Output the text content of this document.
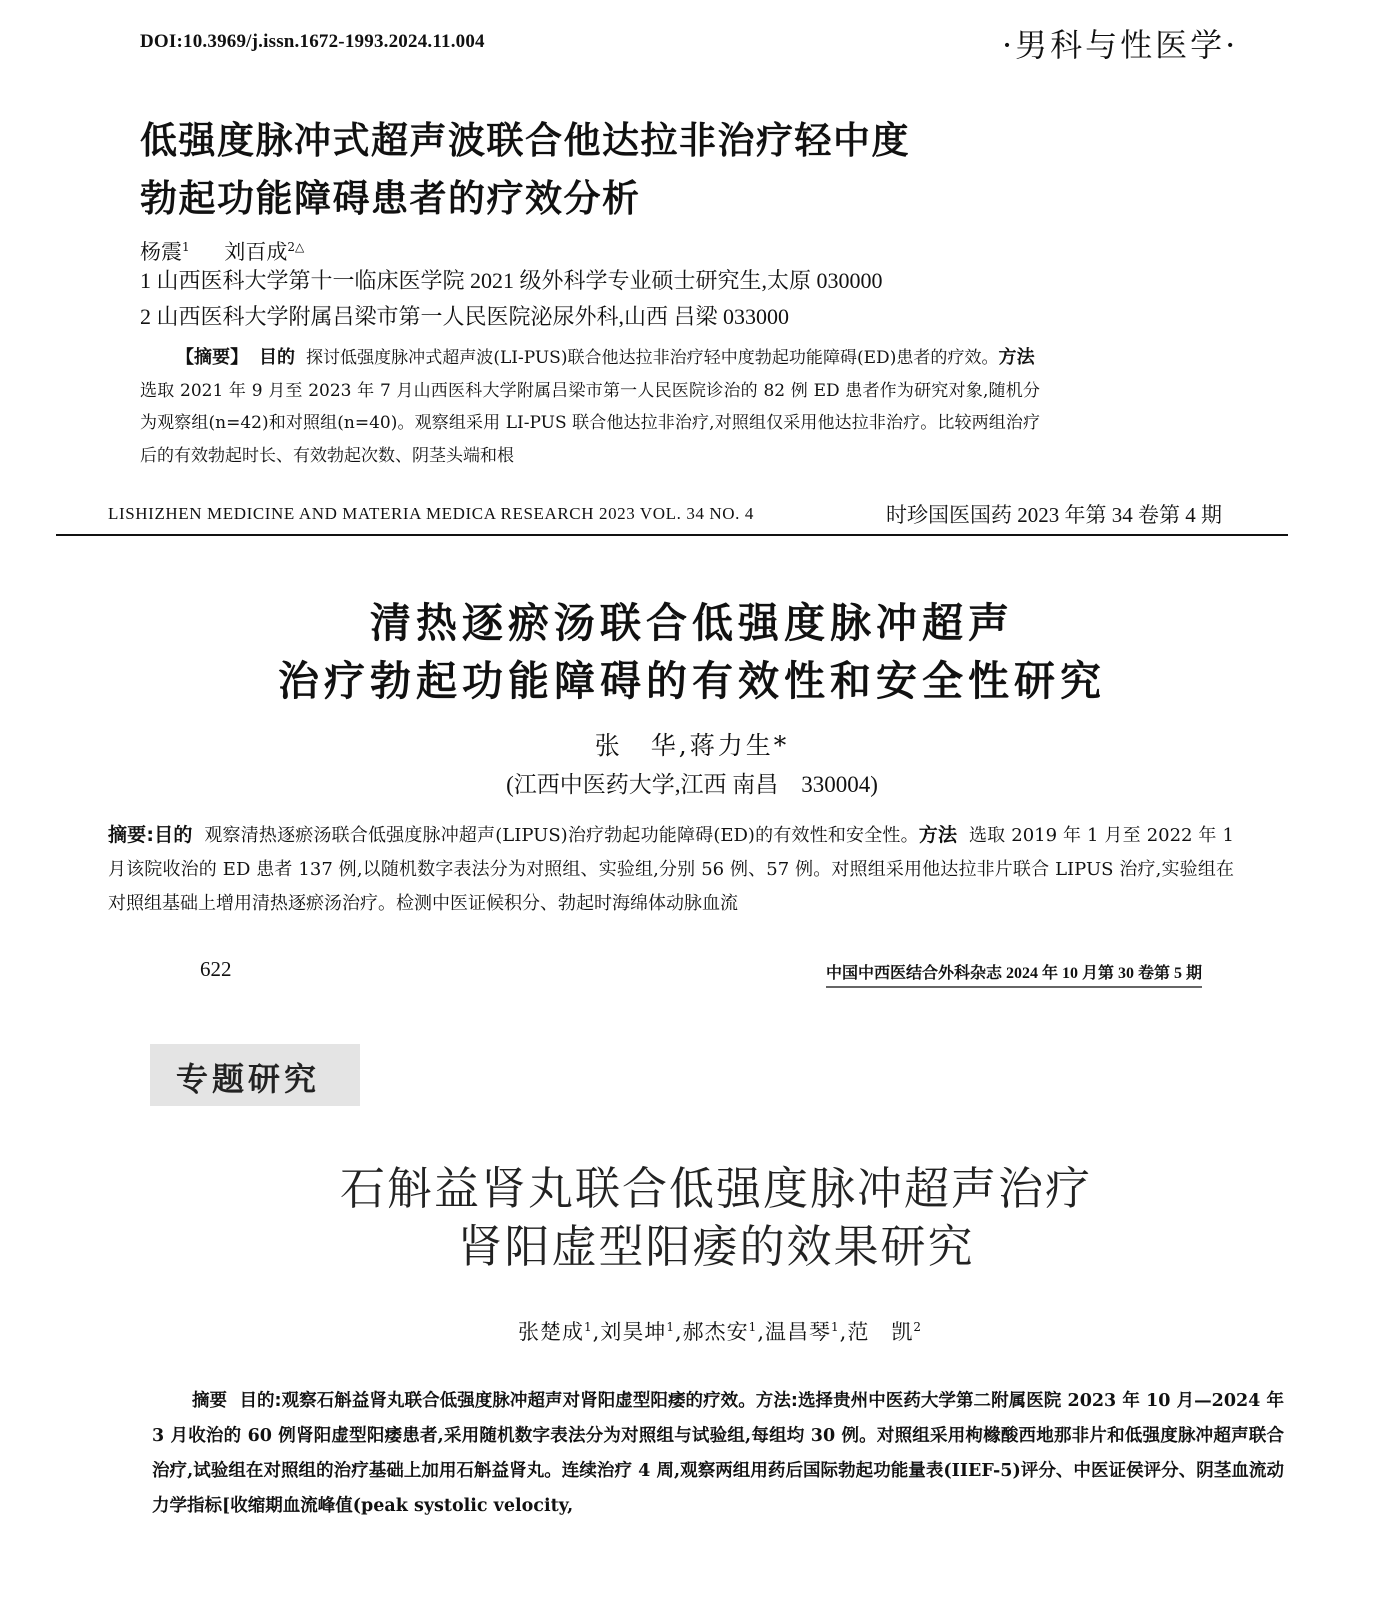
DOI:10.3969/j.issn.1672-1993.2024.11.004	·男科与性医学·
低强度脉冲式超声波联合他达拉非治疗轻中度
勃起功能障碍患者的疗效分析
杨震$^1$ 刘百成$^{2\triangle}$
1 山西医科大学第十一临床医学院 2021 级外科学专业硕士研究生,太原 030000
2 山西医科大学附属吕梁市第一人民医院泌尿外科,山西 吕梁 033000
【摘要】 目的 探讨低强度脉冲式超声波(LI-PUS)联合他达拉非治疗轻中度勃起功能障碍(ED)患者的疗效。方法  选取 2021 年 9 月至 2023 年 7 月山西医科大学附属吕梁市第一人民医院诊治的 82 例 ED 患者作为研究对象,随机分为观察组(n=42)和对照组(n=40)。观察组采用 LI-PUS 联合他达拉非治疗,对照组仅采用他达拉非治疗。比较两组治疗后的有效勃起时长、有效勃起次数、阴茎头端和根
LISHIZHEN MEDICINE AND MATERIA MEDICA RESEARCH 2023 VOL. 34 NO. 4	时珍国医国药 2023 年第 34 卷第 4 期
清热逐瘀汤联合低强度脉冲超声
治疗勃起功能障碍的有效性和安全性研究
张　华,蒋力生*
(江西中医药大学,江西 南昌　330004)
摘要:目的 观察清热逐瘀汤联合低强度脉冲超声(LIPUS)治疗勃起功能障碍(ED)的有效性和安全性。方法 选取 2019 年 1 月至 2022 年 1 月该院收治的 ED 患者 137 例,以随机数字表法分为对照组、实验组,分别 56 例、57 例。对照组采用他达拉非片联合 LIPUS 治疗,实验组在对照组基础上增用清热逐瘀汤治疗。检测中医证候积分、勃起时海绵体动脉血流
622	中国中西医结合外科杂志 2024 年 10 月第 30 卷第 5 期
专题研究
石斛益肾丸联合低强度脉冲超声治疗
肾阳虚型阳痿的效果研究
张楚成$^1$,刘昊坤$^1$,郝杰安$^1$,温昌琴$^1$,范　凯$^2$
摘要 目的:观察石斛益肾丸联合低强度脉冲超声对肾阳虚型阳痿的疗效。方法:选择贵州中医药大学第二附属医院 2023 年 10 月—2024 年 3 月收治的 60 例肾阳虚型阳痿患者,采用随机数字表法分为对照组与试验组,每组均 30 例。对照组采用枸橼酸西地那非片和低强度脉冲超声联合治疗,试验组在对照组的治疗基础上加用石斛益肾丸。连续治疗 4 周,观察两组用药后国际勃起功能量表(IIEF-5)评分、中医证侯评分、阴茎血流动力学指标[收缩期血流峰值(peak systolic velocity,
